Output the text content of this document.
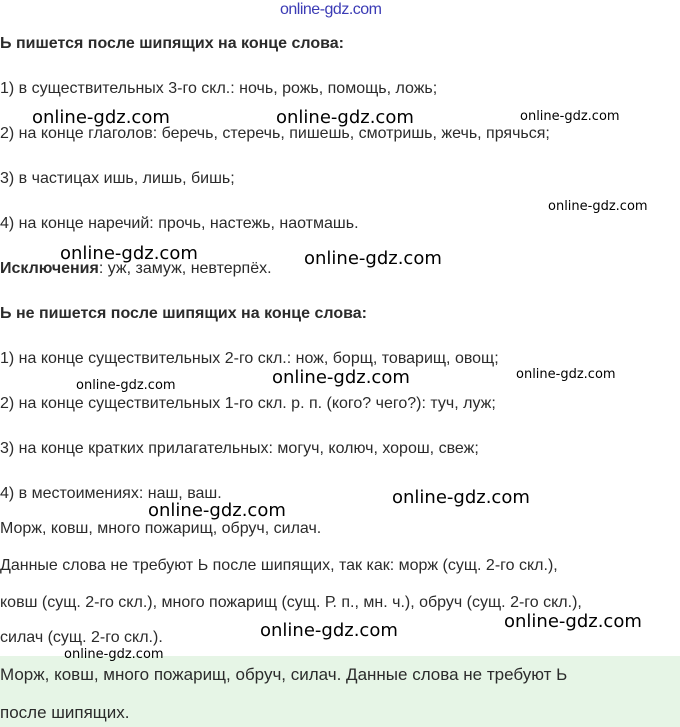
online-gdz.com
Ь пишется после шипящих на конце слова:
1) в существительных 3-го скл.: ночь, рожь, помощь, ложь;
2) на конце глаголов: беречь, стеречь, пишешь, смотришь, жечь, прячься;
3) в частицах ишь, лишь, бишь;
4) на конце наречий: прочь, настежь, наотмашь.
Исключения: уж, замуж, невтерпёх.
Ь не пишется после шипящих на конце слова:
1) на конце существительных 2-го скл.: нож, борщ, товарищ, овощ;
2) на конце существительных 1-го скл. р. п. (кого? чего?): туч, луж;
3) на конце кратких прилагательных: могуч, колюч, хорош, свеж;
4) в местоимениях: наш, ваш.
Морж, ковш, много пожарищ, обруч, силач.
Данные слова не требуют Ь после шипящих, так как: морж (сущ. 2-го скл.),
ковш (сущ. 2-го скл.), много пожарищ (сущ. Р. п., мн. ч.), обруч (сущ. 2-го скл.),
силач (сущ. 2-го скл.).
Морж, ковш, много пожарищ, обруч, силач. Данные слова не требуют Ь
после шипящих.
online-gdz.com	online-gdz.com	online-gdz.com
online-gdz.com
online-gdz.com	online-gdz.com
online-gdz.com	online-gdz.com	online-gdz.com
online-gdz.com
online-gdz.com
online-gdz.com	online-gdz.com
online-gdz.com
